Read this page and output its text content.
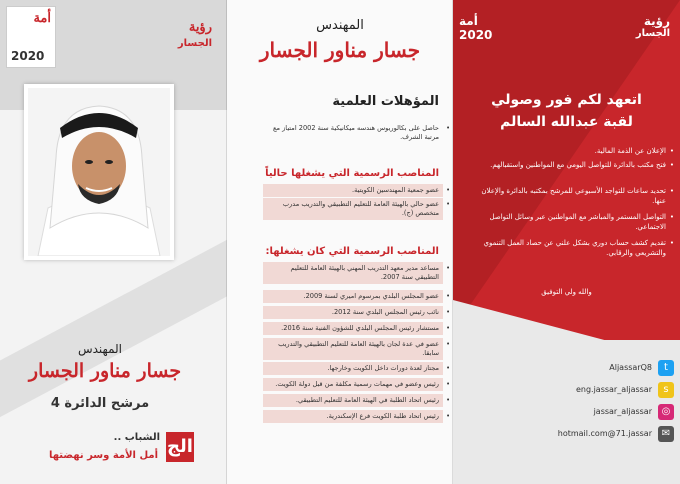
أمة
2020
رؤية
الجسار
المهندس
جسار مناور الجسار
مرشح الدائرة 4
الشباب ..
أمل الأمة وسر نهضتها الج
المهندس
جسار مناور الجسار
المؤهلات العلمية
• حاصل على بكالوريوس هندسه ميكانيكية سنة 2002 امتياز مع مرتبة الشرف.
المناصب الرسمية التي يشغلها حالياً
• عضو جمعية المهندسين الكويتية.
• عضو حالي بالهيئة العامة للتعليم التطبيقي والتدريب مدرب متخصص (ج).
المناصب الرسمية التي كان يشغلها:
• مساعد مدير معهد التدريب المهني بالهيئة العامة للتعليم التطبيقي سنة 2007.
• عضو المجلس البلدي بمرسوم اميري لسنة 2009.
• نائب رئيس المجلس البلدي سنة 2012.
• مستشار رئيس المجلس البلدي للشؤون الفنية سنة 2016.
• عضو في عدة لجان بالهيئة العامة للتعليم التطبيقي والتدريب سابقا.
• مجتاز لعدة دورات داخل الكويت وخارجها.
• رئيس وعضو في مهمات رسمية مكلفة من قبل دولة الكويت.
• رئيس اتحاد الطلبة في الهيئة العامة للتعليم التطبيقي.
• رئيس اتحاد طلبة الكويت فرع الإسكندرية.
أمة
2020
رؤية
الجسار
اتعهد لكم فور وصولي
لقبة عبدالله السالم
• الإعلان عن الذمة المالية.
• فتح مكتب بالدائرة للتواصل اليومي مع المواطنين واستقبالهم.
• تحديد ساعات للتواجد الأسبوعي للمرشح بمكتبه بالدائرة والإعلان عنها.
• التواصل المستمر والمباشر مع المواطنين عبر وسائل التواصل الاجتماعي.
• تقديم كشف حساب دوري بشكل علني عن حصاد العمل التنموي والتشريعي والرقابي.
والله ولي التوفيق
AljassarQ8	t
eng.jassar_aljassar	s
jassar_aljassar ◎
hotmail.com@71.jassar ✉
